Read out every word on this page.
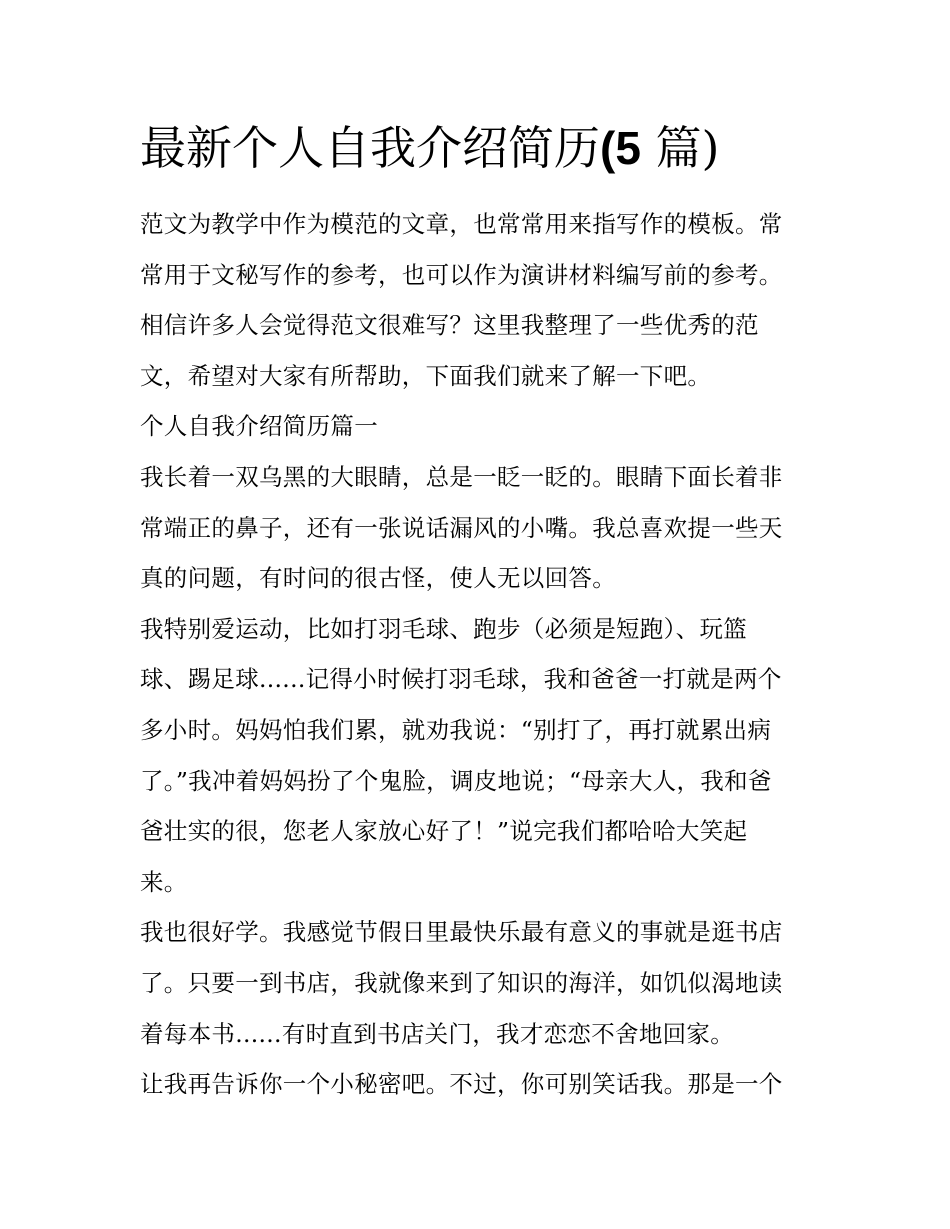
最新个人自我介绍简历(5 篇)
范文为教学中作为模范的文章，也常常用来指写作的模板。常
常用于文秘写作的参考，也可以作为演讲材料编写前的参考。
相信许多人会觉得范文很难写？这里我整理了一些优秀的范
文，希望对大家有所帮助，下面我们就来了解一下吧。
个人自我介绍简历篇一
我长着一双乌黑的大眼睛，总是一眨一眨的。眼睛下面长着非
常端正的鼻子，还有一张说话漏风的小嘴。我总喜欢提一些天
真的问题，有时问的很古怪，使人无以回答。
我特别爱运动，比如打羽毛球、跑步（必须是短跑）、玩篮
球、踢足球......记得小时候打羽毛球，我和爸爸一打就是两个
多小时。妈妈怕我们累，就劝我说：“别打了，再打就累出病
了。”我冲着妈妈扮了个鬼脸，调皮地说；“母亲大人，我和爸
爸壮实的很，您老人家放心好了！”说完我们都哈哈大笑起
来。
我也很好学。我感觉节假日里最快乐最有意义的事就是逛书店
了。只要一到书店，我就像来到了知识的海洋，如饥似渴地读
着每本书......有时直到书店关门，我才恋恋不舍地回家。
让我再告诉你一个小秘密吧。不过，你可别笑话我。那是一个
